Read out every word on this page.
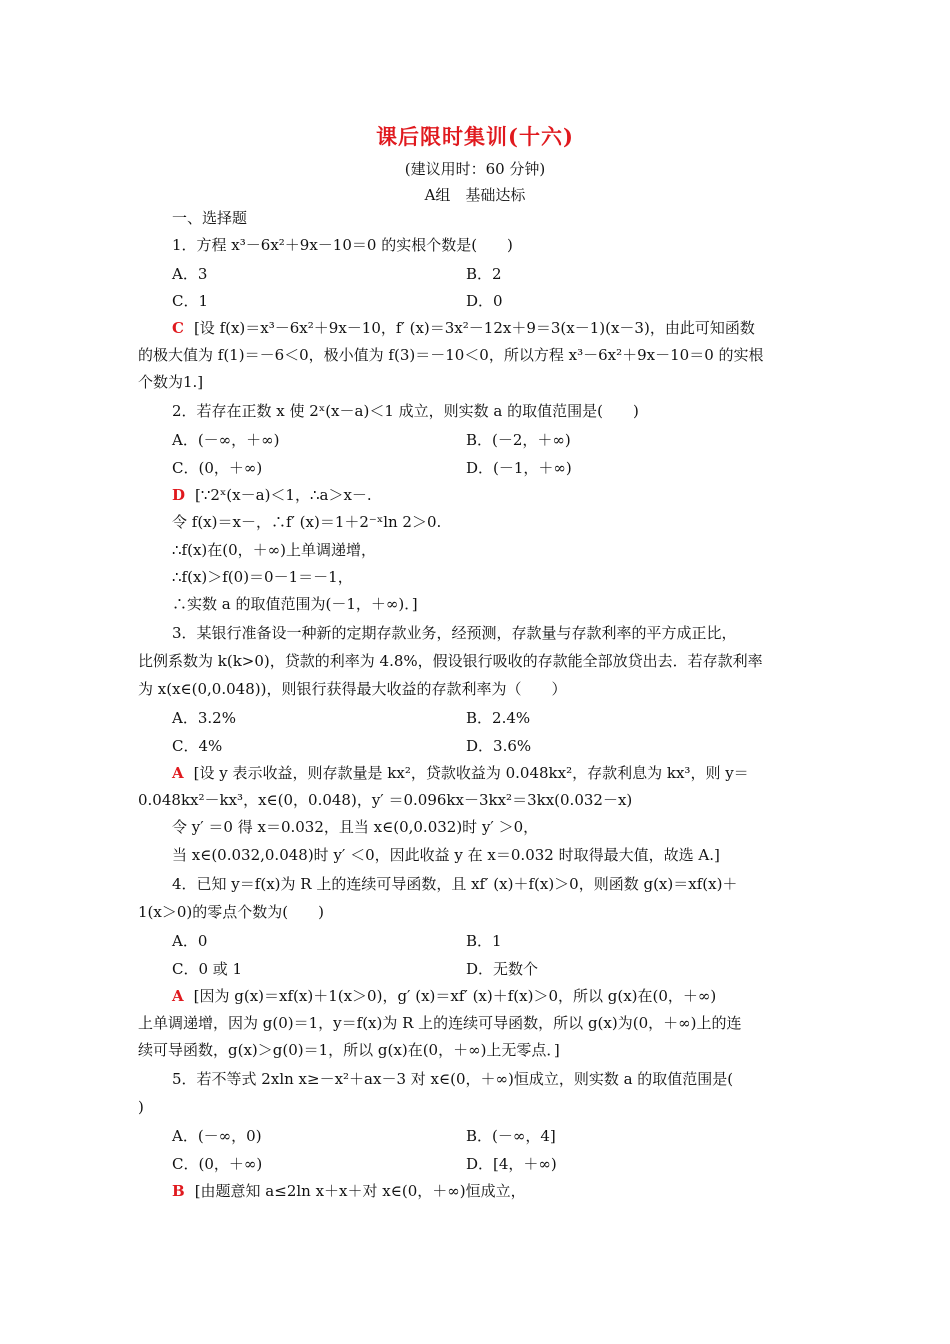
课后限时集训(十六)
(建议用时：60 分钟)
A组　基础达标
一、选择题
1．方程 x³－6x²＋9x－10＝0 的实根个数是(　　)
A．3	B．2
C．1	D．0
C [设 f(x)＝x³－6x²＋9x－10，f′ (x)＝3x²－12x＋9＝3(x－1)(x－3)，由此可知函数
的极大值为 f(1)＝－6＜0，极小值为 f(3)＝－10＜0，所以方程 x³－6x²＋9x－10＝0 的实根
个数为1.]
2．若存在正数 x 使 2ˣ(x－a)＜1 成立，则实数 a 的取值范围是(　　)
A．(－∞，＋∞)	B．(－2，＋∞)
C．(0，＋∞)	D．(－1，＋∞)
D [∵2ˣ(x－a)＜1，∴a＞x－.
令 f(x)＝x－，∴f′ (x)＝1＋2⁻ˣln 2＞0.
∴f(x)在(0，＋∞)上单调递增，
∴f(x)＞f(0)＝0－1＝－1，
∴实数 a 的取值范围为(－1，＋∞)．]
3．某银行准备设一种新的定期存款业务，经预测，存款量与存款利率的平方成正比，
比例系数为 k(k>0)，贷款的利率为 4.8%，假设银行吸收的存款能全部放贷出去．若存款利率
为 x(x∈(0,0.048))，则银行获得最大收益的存款利率为（　　）
A．3.2%	B．2.4%
C．4%	D．3.6%
A [设 y 表示收益，则存款量是 kx²，贷款收益为 0.048kx²，存款利息为 kx³，则 y＝
0.048kx²－kx³，x∈(0，0.048)，y′ ＝0.096kx－3kx²＝3kx(0.032－x)
令 y′ ＝0 得 x＝0.032，且当 x∈(0,0.032)时 y′ ＞0，
当 x∈(0.032,0.048)时 y′ ＜0，因此收益 y 在 x＝0.032 时取得最大值，故选 A.]
4．已知 y＝f(x)为 R 上的连续可导函数，且 xf′ (x)＋f(x)＞0，则函数 g(x)＝xf(x)＋
1(x＞0)的零点个数为(　　)
A．0	B．1
C．0 或 1	D．无数个
A [因为 g(x)＝xf(x)＋1(x＞0)，g′ (x)＝xf′ (x)＋f(x)＞0，所以 g(x)在(0，＋∞)
上单调递增，因为 g(0)＝1，y＝f(x)为 R 上的连续可导函数，所以 g(x)为(0，＋∞)上的连
续可导函数，g(x)＞g(0)＝1，所以 g(x)在(0，＋∞)上无零点．]
5．若不等式 2xln x≥－x²＋ax－3 对 x∈(0，＋∞)恒成立，则实数 a 的取值范围是(
)
A．(－∞，0)	B．(－∞，4]
C．(0，＋∞)	D．[4，＋∞)
B [由题意知 a≤2ln x＋x＋对 x∈(0，＋∞)恒成立，
